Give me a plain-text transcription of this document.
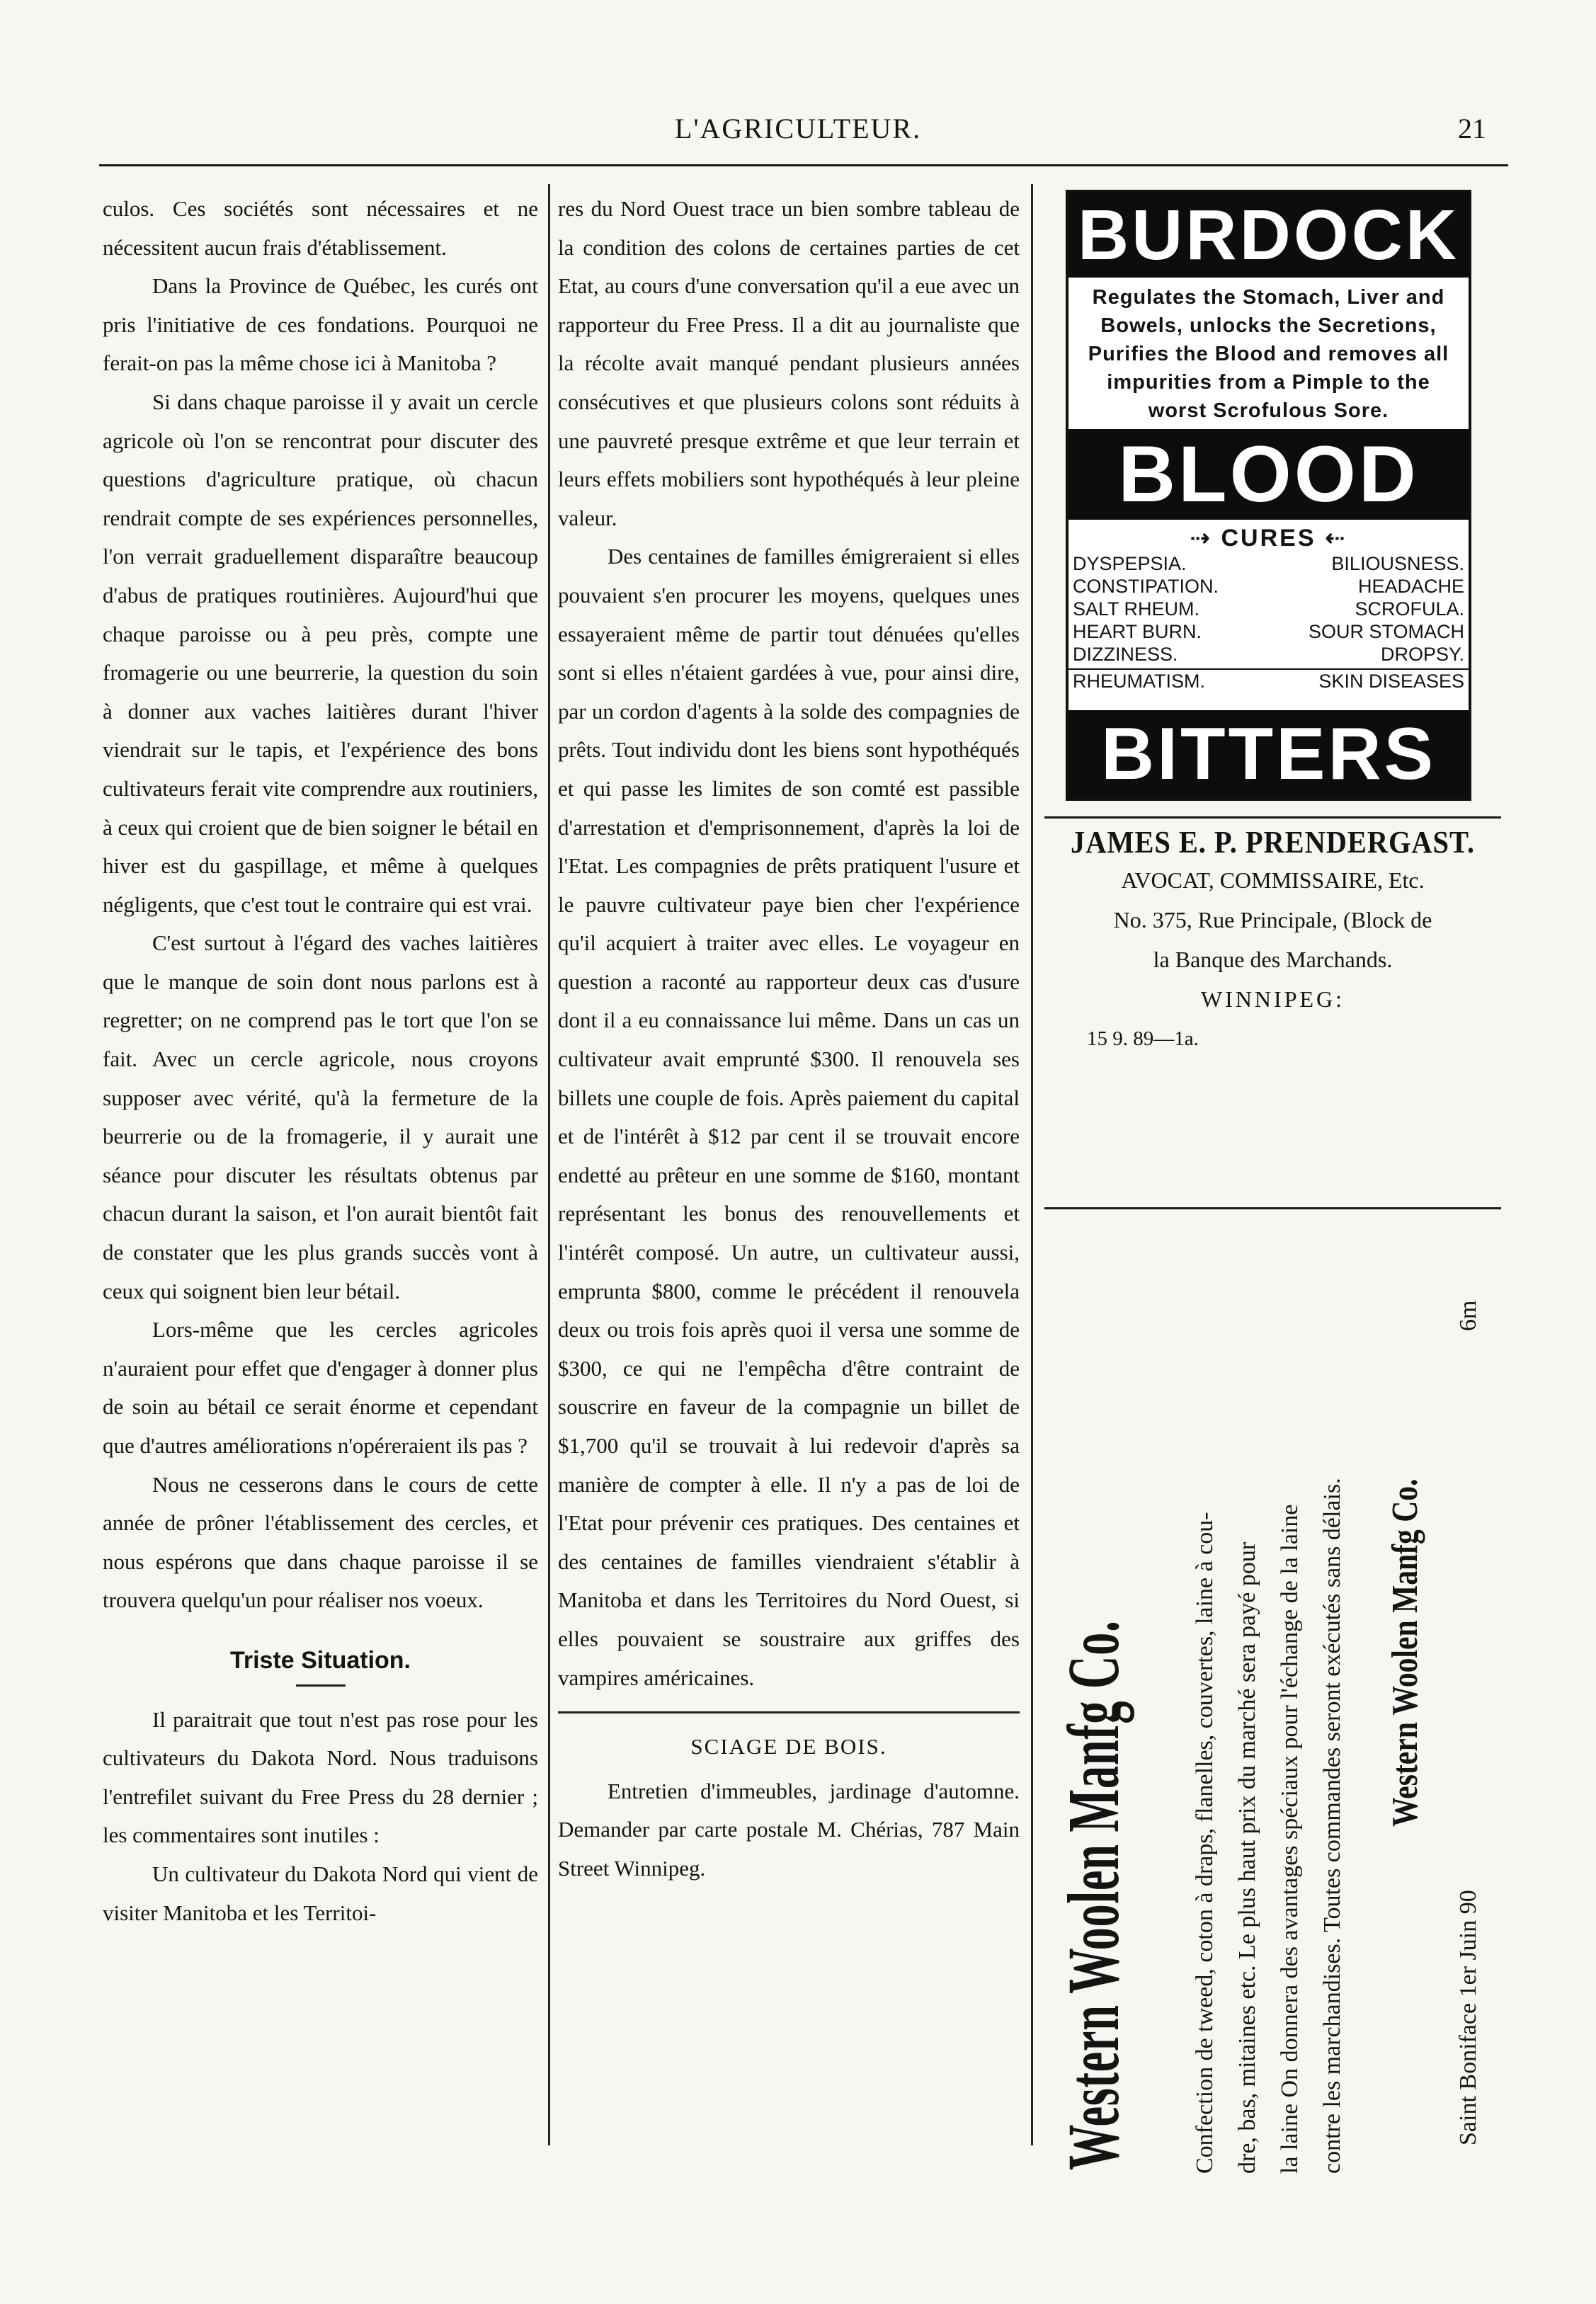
L'AGRICULTEUR.	21

culos. Ces sociétés sont nécessaires et ne nécessitent aucun frais d'établissement.

Dans la Province de Québec, les curés ont pris l'initiative de ces fondations. Pourquoi ne ferait-on pas la même chose ici à Manitoba ?

Si dans chaque paroisse il y avait un cercle agricole où l'on se rencontrat pour discuter des questions d'agriculture pratique, où chacun rendrait compte de ses expériences personnelles, l'on verrait graduellement disparaître beaucoup d'abus de pratiques routinières. Aujourd'hui que chaque paroisse ou à peu près, compte une fromagerie ou une beurrerie, la question du soin à donner aux vaches laitières durant l'hiver viendrait sur le tapis, et l'expérience des bons cultivateurs ferait vite comprendre aux routiniers, à ceux qui croient que de bien soigner le bétail en hiver est du gaspillage, et même à quelques négligents, que c'est tout le contraire qui est vrai.

C'est surtout à l'égard des vaches laitières que le manque de soin dont nous parlons est à regretter; on ne comprend pas le tort que l'on se fait. Avec un cercle agricole, nous croyons supposer avec vérité, qu'à la fermeture de la beurrerie ou de la fromagerie, il y aurait une séance pour discuter les résultats obtenus par chacun durant la saison, et l'on aurait bientôt fait de constater que les plus grands succès vont à ceux qui soignent bien leur bétail.

Lors-même que les cercles agricoles n'auraient pour effet que d'engager à donner plus de soin au bétail ce serait énorme et cependant que d'autres améliorations n'opéreraient ils pas ?

Nous ne cesserons dans le cours de cette année de prôner l'établissement des cercles, et nous espérons que dans chaque paroisse il se trouvera quelqu'un pour réaliser nos voeux.

Triste Situation.

Il paraitrait que tout n'est pas rose pour les cultivateurs du Dakota Nord. Nous traduisons l'entrefilet suivant du Free Press du 28 dernier ; les commentaires sont inutiles :

Un cultivateur du Dakota Nord qui vient de visiter Manitoba et les Territoi-

res du Nord Ouest trace un bien sombre tableau de la condition des colons de certaines parties de cet Etat, au cours d'une conversation qu'il a eue avec un rapporteur du Free Press. Il a dit au journaliste que la récolte avait manqué pendant plusieurs années consécutives et que plusieurs colons sont réduits à une pauvreté presque extrême et que leur terrain et leurs effets mobiliers sont hypothéqués à leur pleine valeur.

Des centaines de familles émigreraient si elles pouvaient s'en procurer les moyens, quelques unes essayeraient même de partir tout dénuées qu'elles sont si elles n'étaient gardées à vue, pour ainsi dire, par un cordon d'agents à la solde des compagnies de prêts. Tout individu dont les biens sont hypothéqués et qui passe les limites de son comté est passible d'arrestation et d'emprisonnement, d'après la loi de l'Etat. Les compagnies de prêts pratiquent l'usure et le pauvre cultivateur paye bien cher l'expérience qu'il acquiert à traiter avec elles. Le voyageur en question a raconté au rapporteur deux cas d'usure dont il a eu connaissance lui même. Dans un cas un cultivateur avait emprunté $300. Il renouvela ses billets une couple de fois. Après paiement du capital et de l'intérêt à $12 par cent il se trouvait encore endetté au prêteur en une somme de $160, montant représentant les bonus des renouvellements et l'intérêt composé. Un autre, un cultivateur aussi, emprunta $800, comme le précédent il renouvela deux ou trois fois après quoi il versa une somme de $300, ce qui ne l'empêcha d'être contraint de souscrire en faveur de la compagnie un billet de $1,700 qu'il se trouvait à lui redevoir d'après sa manière de compter à elle. Il n'y a pas de loi de l'Etat pour prévenir ces pratiques. Des centaines et des centaines de familles viendraient s'établir à Manitoba et dans les Territoires du Nord Ouest, si elles pouvaient se soustraire aux griffes des vampires américaines.

SCIAGE DE BOIS.

Entretien d'immeubles, jardinage d'automne. Demander par carte postale M. Chérias, 787 Main Street Winnipeg.

BURDOCK
Regulates the Stomach, Liver and Bowels, unlocks the Secretions, Purifies the Blood and removes all impurities from a Pimple to the worst Scrofulous Sore.
BLOOD
⇢ CURES ⇠
DYSPEPSIA.	BILIOUSNESS.
CONSTIPATION.	HEADACHE
SALT RHEUM.	SCROFULA.
HEART BURN.	SOUR STOMACH
DIZZINESS.	DROPSY.
RHEUMATISM.	SKIN DISEASES
BITTERS
JAMES E. P. PRENDERGAST.
AVOCAT, COMMISSAIRE, Etc.
No. 375, Rue Principale, (Block de
la Banque des Marchands.
WINNIPEG:
15 9. 89—1a.
Western Woolen Manfg Co. Confection de tweed, coton à draps, flanelles, couvertes, laine à cou- dre, bas, mitaines etc. Le plus haut prix du marché sera payé pour la laine On donnera des avantages spéciaux pour l'échange de la laine contre les marchandises. Toutes commandes seront exécutés sans délais. Western Woolen Manfg Co.
Saint Boniface 1er Juin 90
6m
